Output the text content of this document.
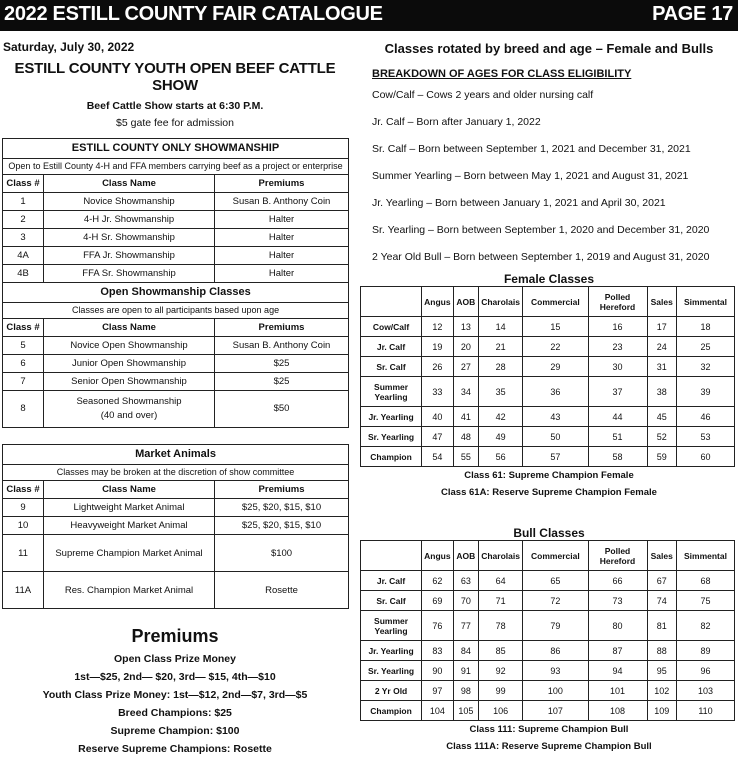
2022 ESTILL COUNTY FAIR CATALOGUE	PAGE 17
Saturday, July 30, 2022
ESTILL COUNTY YOUTH OPEN BEEF CATTLE SHOW
Beef Cattle Show starts at 6:30 P.M.
$5 gate fee for admission
ESTILL COUNTY ONLY SHOWMANSHIP		
Open to Estill County 4-H and FFA members carrying beef as a project or enterprise		
Class #	Class Name	Premiums
1	Novice Showmanship	Susan B. Anthony Coin
2	4-H Jr. Showmanship	Halter
3	4-H Sr. Showmanship	Halter
4A	FFA Jr. Showmanship	Halter
4B	FFA Sr. Showmanship	Halter
Open Showmanship Classes		
Classes are open to all participants based upon age		
Class #	Class Name	Premiums
5	Novice Open Showmanship	Susan B. Anthony Coin
6	Junior Open Showmanship	$25
7	Senior Open Showmanship	$25
8	Seasoned Showmanship
(40 and over)	$50
Market Animals		
Classes may be broken at the discretion of show committee		
Class #	Class Name	Premiums
9	Lightweight Market Animal	$25, $20, $15, $10
10	Heavyweight Market Animal	$25, $20, $15, $10
11	Supreme Champion Market Animal	$100
11A	Res. Champion Market Animal	Rosette
Premiums
Open Class Prize Money
1st—$25, 2nd— $20, 3rd— $15, 4th—$10
Youth Class Prize Money: 1st—$12, 2nd—$7, 3rd—$5
Breed Champions: $25
Supreme Champion: $100
Reserve Supreme Champions: Rosette
Classes rotated by breed and age – Female and Bulls
BREAKDOWN OF AGES FOR CLASS ELIGIBILITY
Cow/Calf – Cows 2 years and older nursing calf
Jr. Calf – Born after January 1, 2022
Sr. Calf – Born between September 1, 2021 and December 31, 2021
Summer Yearling – Born between May 1, 2021 and August 31, 2021
Jr. Yearling – Born between January 1, 2021 and April 30, 2021
Sr. Yearling – Born between September 1, 2020 and December 31, 2020
2 Year Old Bull – Born between September 1, 2019 and August 31, 2020
Female Classes
	Angus	AOB	Charolais	Commercial	Polled Hereford	Sales	Simmental
Cow/Calf	12	13	14	15	16	17	18
Jr. Calf	19	20	21	22	23	24	25
Sr. Calf	26	27	28	29	30	31	32
Summer Yearling	33	34	35	36	37	38	39
Jr. Yearling	40	41	42	43	44	45	46
Sr. Yearling	47	48	49	50	51	52	53
Champion	54	55	56	57	58	59	60
Class 61: Supreme Champion Female
Class 61A: Reserve Supreme Champion Female
Bull Classes
	Angus	AOB	Charolais	Commercial	Polled Hereford	Sales	Simmental
Jr. Calf	62	63	64	65	66	67	68
Sr. Calf	69	70	71	72	73	74	75
Summer Yearling	76	77	78	79	80	81	82
Jr. Yearling	83	84	85	86	87	88	89
Sr. Yearling	90	91	92	93	94	95	96
2 Yr Old	97	98	99	100	101	102	103
Champion	104	105	106	107	108	109	110
Class 111: Supreme Champion Bull
Class 111A: Reserve Supreme Champion Bull
